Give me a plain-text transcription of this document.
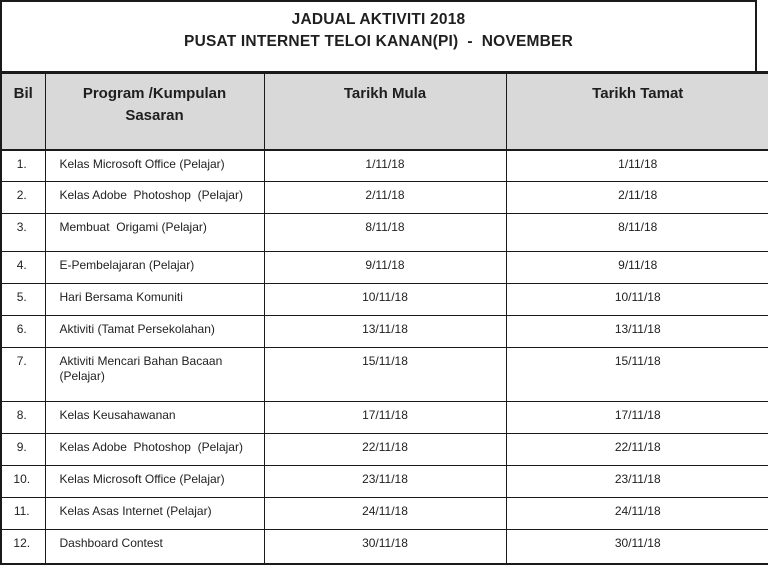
JADUAL AKTIVITI 2018
PUSAT INTERNET TELOI KANAN(PI)  -  NOVEMBER
Bil	Program /Kumpulan Sasaran	Tarikh Mula	Tarikh Tamat
1.	Kelas Microsoft Office (Pelajar)	1/11/18	1/11/18
2.	Kelas Adobe  Photoshop  (Pelajar)	2/11/18	2/11/18
3.	Membuat  Origami (Pelajar)	8/11/18	8/11/18
4.	E-Pembelajaran (Pelajar)	9/11/18	9/11/18
5.	Hari Bersama Komuniti	10/11/18	10/11/18
6.	Aktiviti (Tamat Persekolahan)	13/11/18	13/11/18
7.	Aktiviti Mencari Bahan Bacaan (Pelajar)	15/11/18	15/11/18
8.	Kelas Keusahawanan	17/11/18	17/11/18
9.	Kelas Adobe  Photoshop  (Pelajar)	22/11/18	22/11/18
10.	Kelas Microsoft Office (Pelajar)	23/11/18	23/11/18
11.	Kelas Asas Internet (Pelajar)	24/11/18	24/11/18
12.	Dashboard Contest	30/11/18	30/11/18
